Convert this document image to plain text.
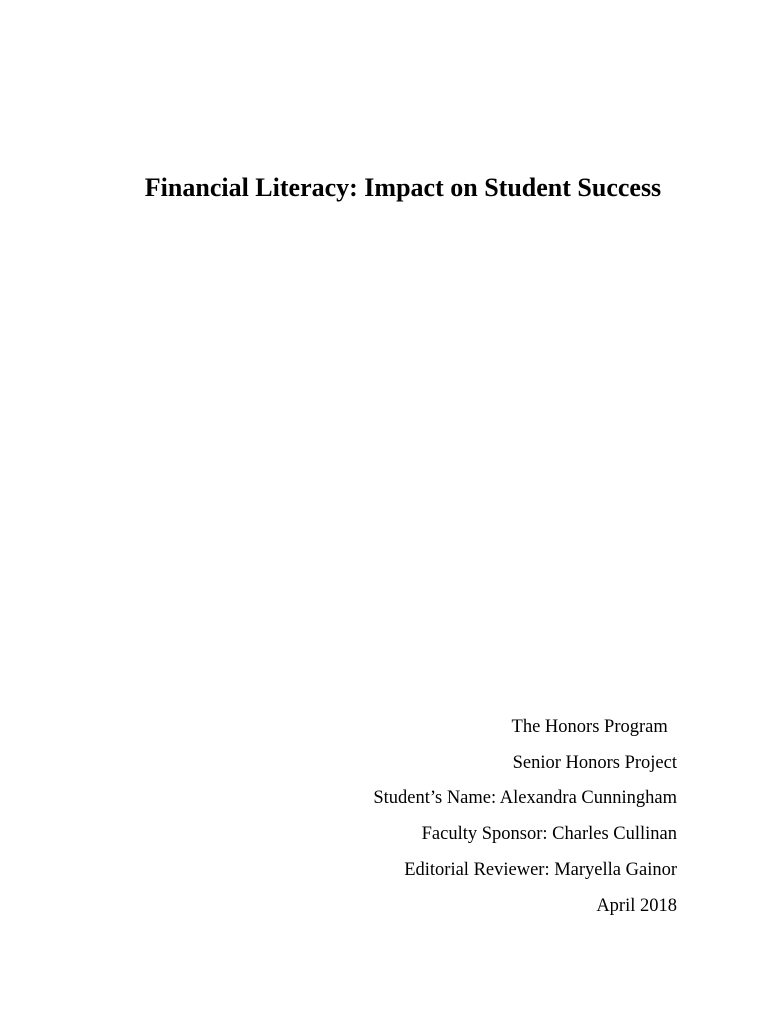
Financial Literacy: Impact on Student Success
The Honors Program
Senior Honors Project
Student’s Name: Alexandra Cunningham
Faculty Sponsor: Charles Cullinan
Editorial Reviewer: Maryella Gainor
April 2018
